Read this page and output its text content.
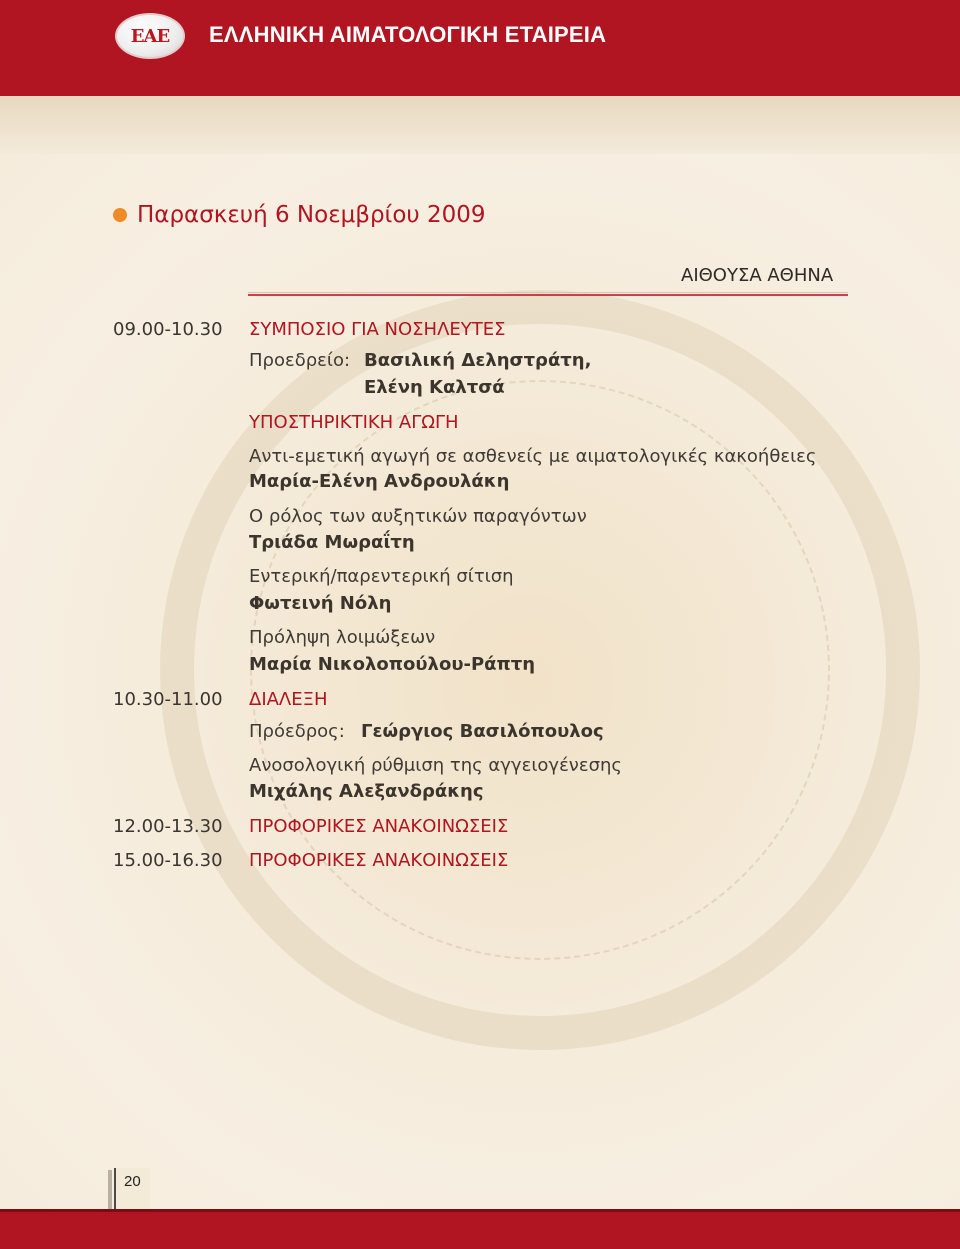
ΕΑΕ ΕΛΛΗΝΙΚΗ ΑΙΜΑΤΟΛΟΓΙΚΗ ΕΤΑΙΡΕΙΑ
Παρασκευή 6 Νοεμβρίου 2009
ΑΙΘΟΥΣΑ ΑΘΗΝΑ
09.00-10.30 ΣΥΜΠΟΣΙΟ ΓΙΑ ΝΟΣΗΛΕΥΤΕΣ
Προεδρείο: Βασιλική Δεληστράτη,
Ελένη Καλτσά
ΥΠΟΣΤΗΡΙΚΤΙΚΗ ΑΓΩΓΗ
Αντι-εμετική αγωγή σε ασθενείς με αιματολογικές κακοήθειες
Μαρία-Ελένη Ανδρουλάκη
Ο ρόλος των αυξητικών παραγόντων
Τριάδα Μωραΐτη
Εντερική/παρεντερική σίτιση
Φωτεινή Νόλη
Πρόληψη λοιμώξεων
Μαρία Νικολοπούλου-Ράπτη
10.30-11.00 ΔΙΑΛΕΞΗ
Πρόεδρος: Γεώργιος Βασιλόπουλος
Ανοσολογική ρύθμιση της αγγειογένεσης
Μιχάλης Αλεξανδράκης
12.00-13.30 ΠΡΟΦΟΡΙΚΕΣ ΑΝΑΚΟΙΝΩΣΕΙΣ
15.00-16.30 ΠΡΟΦΟΡΙΚΕΣ ΑΝΑΚΟΙΝΩΣΕΙΣ
20
